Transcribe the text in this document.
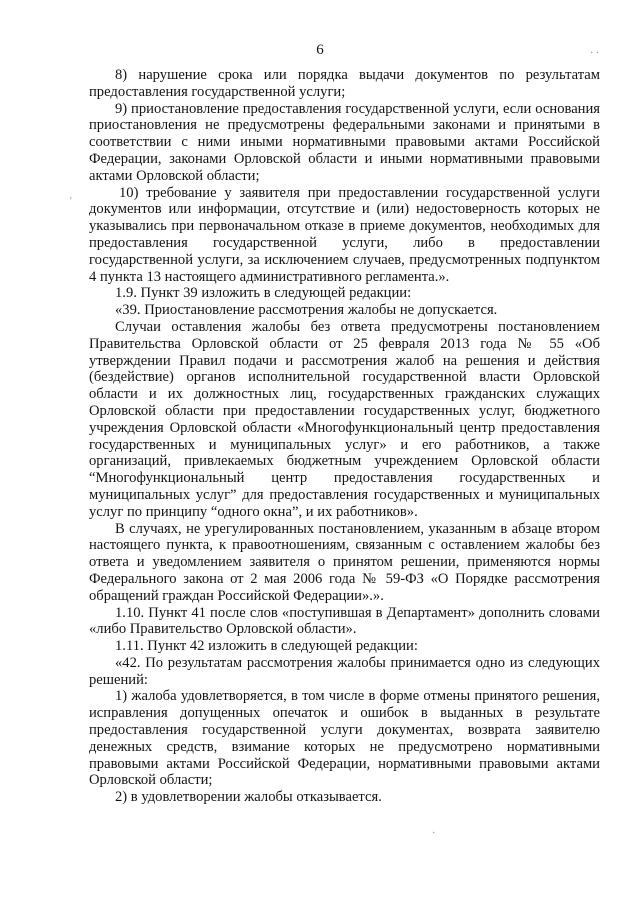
6	· ·
'
·

8) нарушение срока или порядка выдачи документов по результатам предоставления государственной услуги;

9) приостановление предоставления государственной услуги, если основания приостановления не предусмотрены федеральными законами и принятыми в соответствии с ними иными нормативными правовыми актами Российской Федерации, законами Орловской области и иными нормативными правовыми актами Орловской области;

10) требование у заявителя при предоставлении государственной услуги документов или информации, отсутствие и (или) недостоверность которых не указывались при первоначальном отказе в приеме документов, необходимых для предоставления государственной услуги, либо в предоставлении государственной услуги, за исключением случаев, предусмотренных подпунктом 4 пункта 13 настоящего административного регламента.».

1.9. Пункт 39 изложить в следующей редакции:

«39. Приостановление рассмотрения жалобы не допускается.

Случаи оставления жалобы без ответа предусмотрены постановлением Правительства Орловской области от 25 февраля 2013 года № 55 «Об утверждении Правил подачи и рассмотрения жалоб на решения и действия (бездействие) органов исполнительной государственной власти Орловской области и их должностных лиц, государственных гражданских служащих Орловской области при предоставлении государственных услуг, бюджетного учреждения Орловской области «Многофункциональный центр предоставления государственных и муниципальных услуг» и его работников, а также организаций, привлекаемых бюджетным учреждением Орловской области “Многофункциональный центр предоставления государственных и муниципальных услуг” для предоставления государственных и муниципальных услуг по принципу “одного окна”, и их работников».

В случаях, не урегулированных постановлением, указанным в абзаце втором настоящего пункта, к правоотношениям, связанным с оставлением жалобы без ответа и уведомлением заявителя о принятом решении, применяются нормы Федерального закона от 2 мая 2006 года № 59-ФЗ «О Порядке рассмотрения обращений граждан Российской Федерации».».

1.10. Пункт 41 после слов «поступившая в Департамент» дополнить словами «либо Правительство Орловской области».

1.11. Пункт 42 изложить в следующей редакции:

«42. По результатам рассмотрения жалобы принимается одно из следующих решений:

1) жалоба удовлетворяется, в том числе в форме отмены принятого решения, исправления допущенных опечаток и ошибок в выданных в результате предоставления государственной услуги документах, возврата заявителю денежных средств, взимание которых не предусмотрено нормативными правовыми актами Российской Федерации, нормативными правовыми актами Орловской области;

2) в удовлетворении жалобы отказывается.
